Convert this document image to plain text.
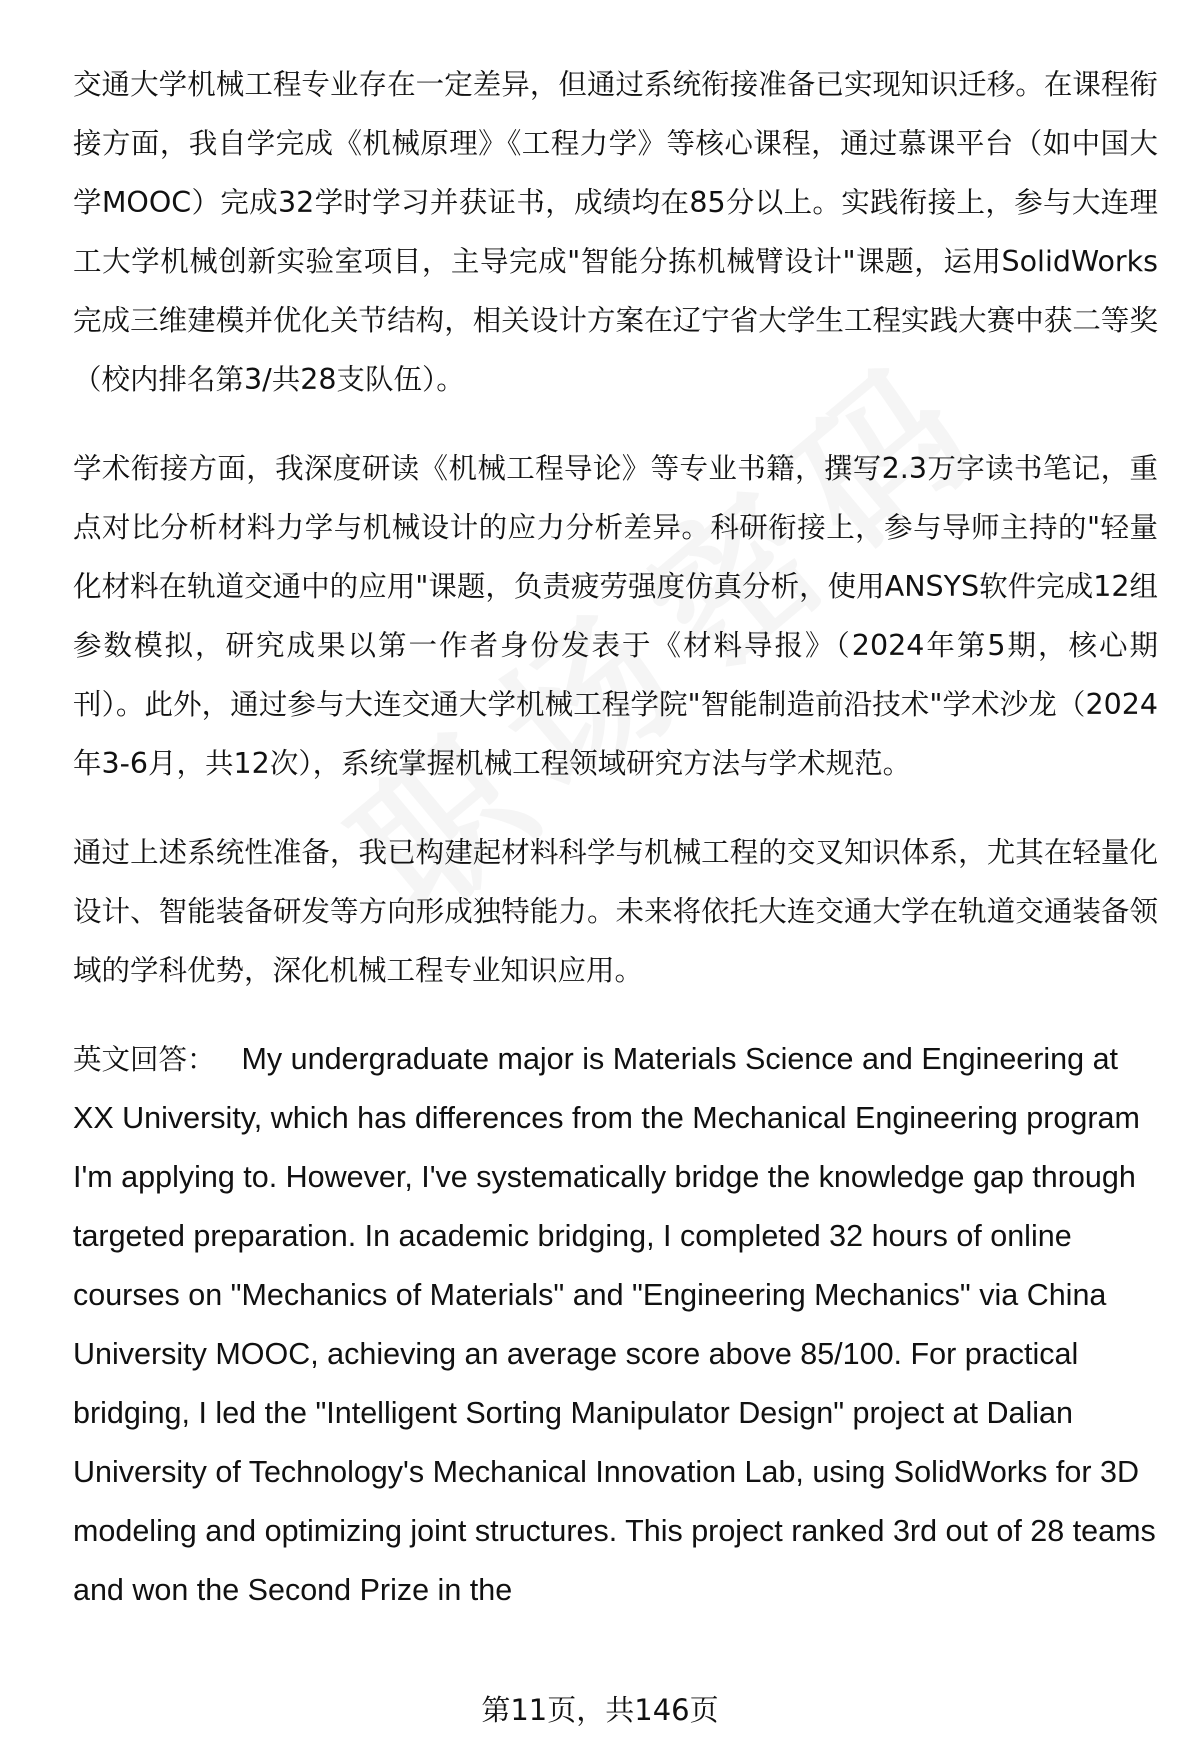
交通大学机械工程专业存在一定差异，但通过系统衔接准备已实现知识迁移。在课程衔接方面，我自学完成《机械原理》《工程力学》等核心课程，通过慕课平台（如中国大学MOOC）完成32学时学习并获证书，成绩均在85分以上。实践衔接上，参与大连理工大学机械创新实验室项目，主导完成"智能分拣机械臂设计"课题，运用SolidWorks完成三维建模并优化关节结构，相关设计方案在辽宁省大学生工程实践大赛中获二等奖（校内排名第3/共28支队伍）。

学术衔接方面，我深度研读《机械工程导论》等专业书籍，撰写2.3万字读书笔记，重点对比分析材料力学与机械设计的应力分析差异。科研衔接上，参与导师主持的"轻量化材料在轨道交通中的应用"课题，负责疲劳强度仿真分析，使用ANSYS软件完成12组参数模拟，研究成果以第一作者身份发表于《材料导报》（2024年第5期，核心期刊）。此外，通过参与大连交通大学机械工程学院"智能制造前沿技术"学术沙龙（2024年3-6月，共12次），系统掌握机械工程领域研究方法与学术规范。

通过上述系统性准备，我已构建起材料科学与机械工程的交叉知识体系，尤其在轻量化设计、智能装备研发等方向形成独特能力。未来将依托大连交通大学在轨道交通装备领域的学科优势，深化机械工程专业知识应用。

英文回答： My undergraduate major is Materials Science and Engineering at XX University, which has differences from the Mechanical Engineering program I'm applying to. However, I've systematically bridge the knowledge gap through targeted preparation. In academic bridging, I completed 32 hours of online courses on "Mechanics of Materials" and "Engineering Mechanics" via China University MOOC, achieving an average score above 85/100. For practical bridging, I led the "Intelligent Sorting Manipulator Design" project at Dalian University of Technology's Mechanical Innovation Lab, using SolidWorks for 3D modeling and optimizing joint structures. This project ranked 3rd out of 28 teams and won the Second Prize in the

第11页，共146页
